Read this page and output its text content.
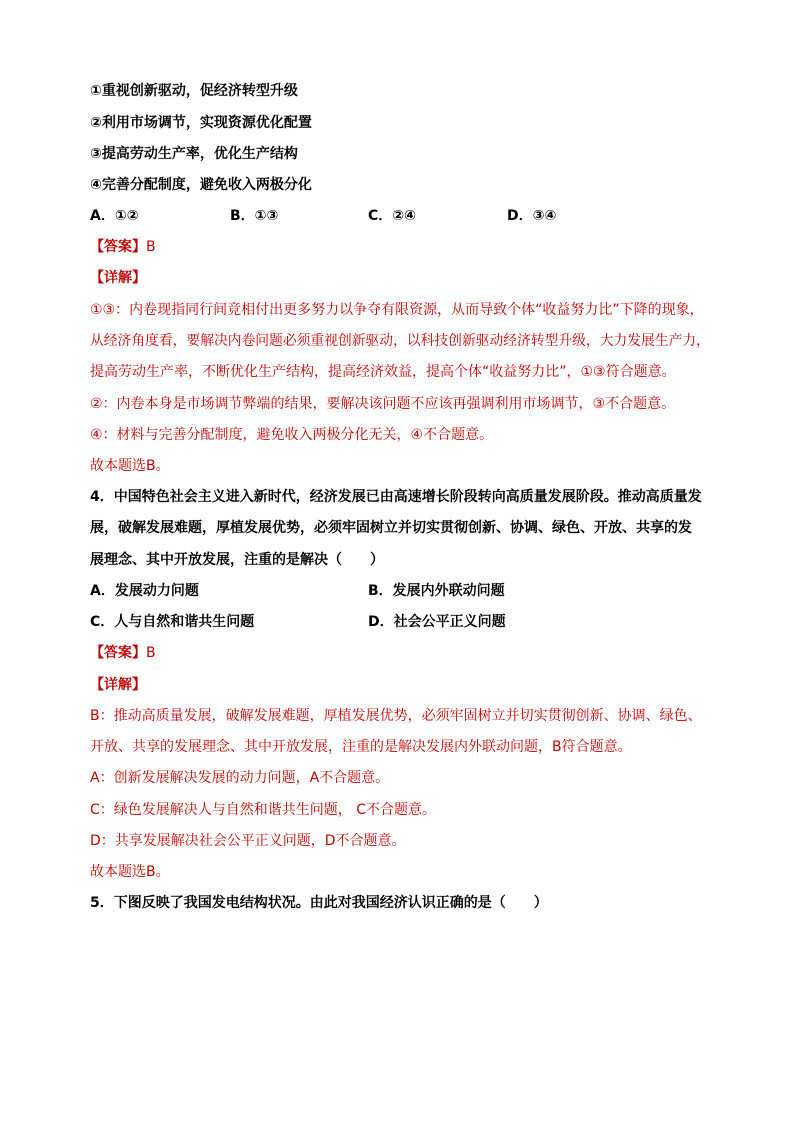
①重视创新驱动，促经济转型升级
②利用市场调节，实现资源优化配置
③提高劳动生产率，优化生产结构
④完善分配制度，避免收入两极分化
A．①②	B．①③	C．②④	D．③④
【答案】B
【详解】
①③：内卷现指同行间竞相付出更多努力以争夺有限资源，从而导致个体“收益努力比”下降的现象，
从经济角度看，要解决内卷问题必须重视创新驱动，以科技创新驱动经济转型升级，大力发展生产力，
提高劳动生产率，不断优化生产结构，提高经济效益，提高个体“收益努力比”，①③符合题意。
②：内卷本身是市场调节弊端的结果，要解决该问题不应该再强调利用市场调节，③不合题意。
④：材料与完善分配制度，避免收入两极分化无关，④不合题意。
故本题选B。
4．中国特色社会主义进入新时代，经济发展已由高速增长阶段转向高质量发展阶段。推动高质量发
展，破解发展难题，厚植发展优势，必须牢固树立并切实贯彻创新、协调、绿色、开放、共享的发
展理念、其中开放发展，注重的是解决（　　）
A．发展动力问题	B．发展内外联动问题
C．人与自然和谐共生问题	D．社会公平正义问题
【答案】B
【详解】
B：推动高质量发展，破解发展难题，厚植发展优势，必须牢固树立并切实贯彻创新、协调、绿色、
开放、共享的发展理念、其中开放发展，注重的是解决发展内外联动问题，B符合题意。
A：创新发展解决发展的动力问题，A不合题意。
C：绿色发展解决人与自然和谐共生问题， C不合题意。
D：共享发展解决社会公平正义问题，D不合题意。
故本题选B。
5．下图反映了我国发电结构状况。由此对我国经济认识正确的是（　　）
